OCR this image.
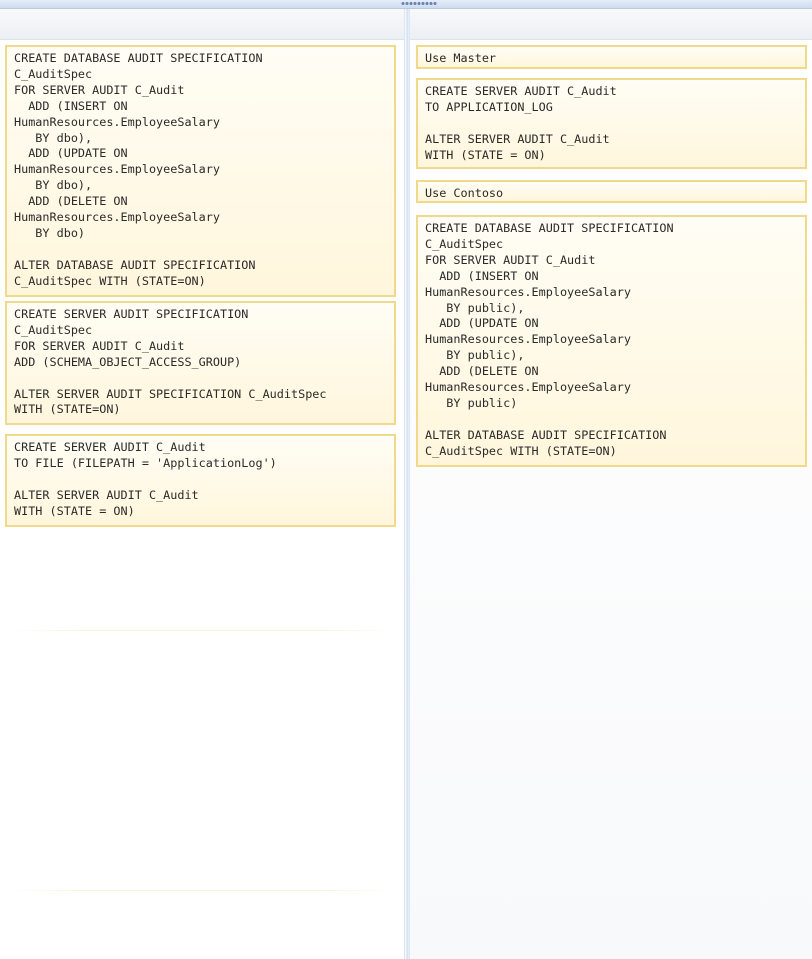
CREATE DATABASE AUDIT SPECIFICATION
C_AuditSpec
FOR SERVER AUDIT C_Audit
ADD (INSERT ON
HumanResources.EmployeeSalary
BY dbo),
ADD (UPDATE ON
HumanResources.EmployeeSalary
BY dbo),
ADD (DELETE ON
HumanResources.EmployeeSalary
BY dbo)

ALTER DATABASE AUDIT SPECIFICATION
C_AuditSpec WITH (STATE=ON)
CREATE SERVER AUDIT SPECIFICATION
C_AuditSpec
FOR SERVER AUDIT C_Audit
ADD (SCHEMA_OBJECT_ACCESS_GROUP)

ALTER SERVER AUDIT SPECIFICATION C_AuditSpec
WITH (STATE=ON)
CREATE SERVER AUDIT C_Audit
TO FILE (FILEPATH = 'ApplicationLog')

ALTER SERVER AUDIT C_Audit
WITH (STATE = ON)
Use Master
CREATE SERVER AUDIT C_Audit
TO APPLICATION_LOG

ALTER SERVER AUDIT C_Audit
WITH (STATE = ON)
Use Contoso
CREATE DATABASE AUDIT SPECIFICATION
C_AuditSpec
FOR SERVER AUDIT C_Audit
ADD (INSERT ON
HumanResources.EmployeeSalary
BY public),
ADD (UPDATE ON
HumanResources.EmployeeSalary
BY public),
ADD (DELETE ON
HumanResources.EmployeeSalary
BY public)

ALTER DATABASE AUDIT SPECIFICATION
C_AuditSpec WITH (STATE=ON)
